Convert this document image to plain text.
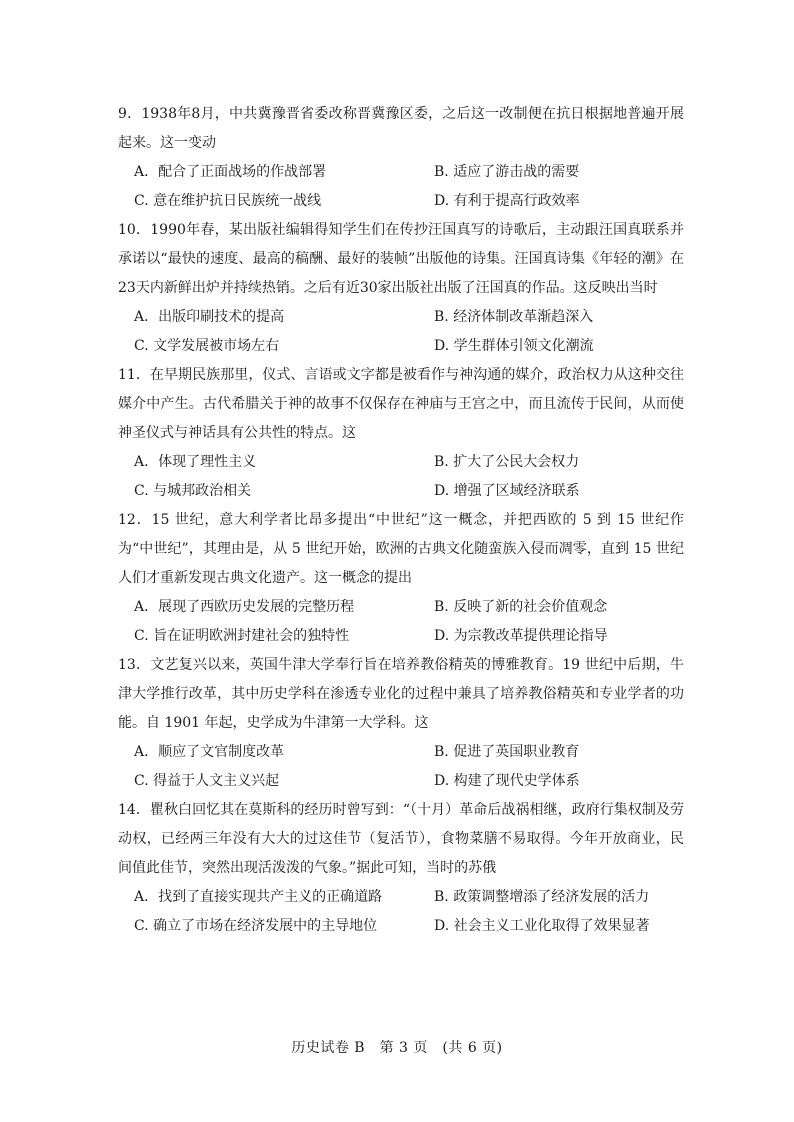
9．1938年8月，中共冀豫晋省委改称晋冀豫区委，之后这一改制便在抗日根据地普遍开展起来。这一变动

A．配合了正面战场的作战部署	B. 适应了游击战的需要
C. 意在维护抗日民族统一战线	D. 有利于提高行政效率

10．1990年春，某出版社编辑得知学生们在传抄汪国真写的诗歌后，主动跟汪国真联系并承诺以“最快的速度、最高的稿酬、最好的装帧”出版他的诗集。汪国真诗集《年轻的潮》在23天内新鲜出炉并持续热销。之后有近30家出版社出版了汪国真的作品。这反映出当时

A．出版印刷技术的提高	B. 经济体制改革渐趋深入
C. 文学发展被市场左右	D. 学生群体引领文化潮流

11．在早期民族那里，仪式、言语或文字都是被看作与神沟通的媒介，政治权力从这种交往媒介中产生。古代希腊关于神的故事不仅保存在神庙与王宫之中，而且流传于民间，从而使神圣仪式与神话具有公共性的特点。这

A．体现了理性主义	B. 扩大了公民大会权力
C. 与城邦政治相关	D. 增强了区域经济联系

12．15 世纪，意大利学者比昂多提出“中世纪”这一概念，并把西欧的 5 到 15 世纪作为“中世纪”，其理由是，从 5 世纪开始，欧洲的古典文化随蛮族入侵而凋零，直到 15 世纪人们才重新发现古典文化遗产。这一概念的提出

A．展现了西欧历史发展的完整历程	B. 反映了新的社会价值观念
C. 旨在证明欧洲封建社会的独特性	D. 为宗教改革提供理论指导

13．文艺复兴以来，英国牛津大学奉行旨在培养教俗精英的博雅教育。19 世纪中后期，牛津大学推行改革，其中历史学科在渗透专业化的过程中兼具了培养教俗精英和专业学者的功能。自 1901 年起，史学成为牛津第一大学科。这

A．顺应了文官制度改革	B. 促进了英国职业教育
C. 得益于人文主义兴起	D. 构建了现代史学体系

14．瞿秋白回忆其在莫斯科的经历时曾写到：“（十月）革命后战祸相继，政府行集权制及劳动权，已经两三年没有大大的过这佳节（复活节），食物菜膳不易取得。今年开放商业，民间值此佳节，突然出现活泼泼的气象。”据此可知，当时的苏俄

A．找到了直接实现共产主义的正确道路	B. 政策调整增添了经济发展的活力
C. 确立了市场在经济发展中的主导地位	D. 社会主义工业化取得了效果显著
历史试卷 B　第 3 页　(共 6 页)
